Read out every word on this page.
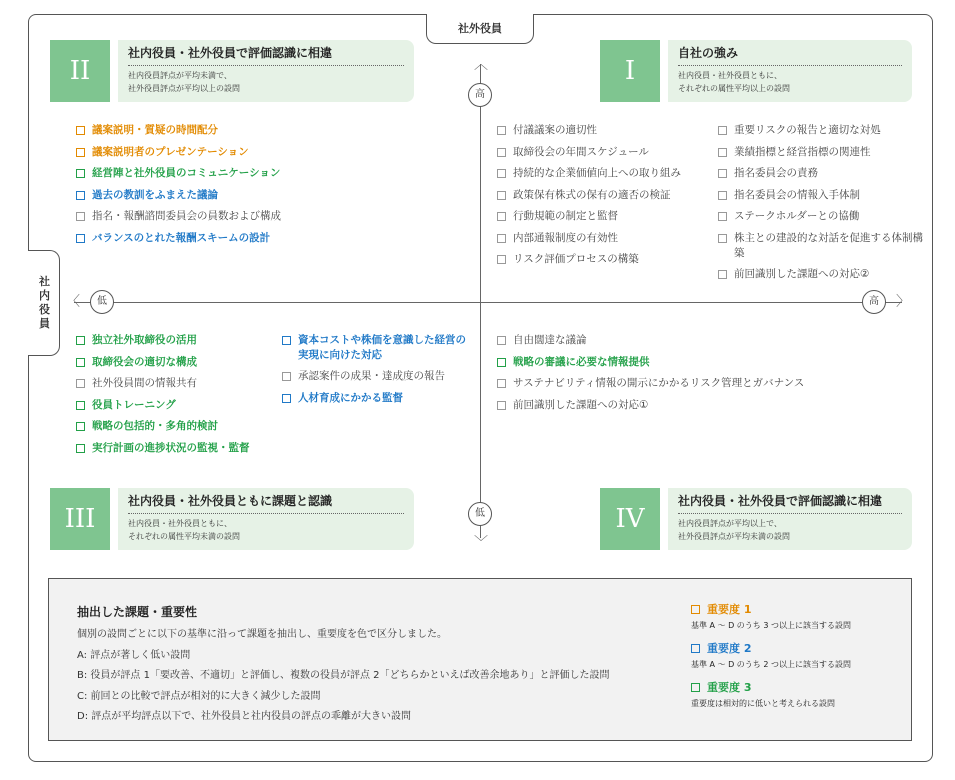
社外役員
社内役員
︿
﹀
〈	〉
高
低
低	高
II
社内役員・社外役員で評価認識に相違
社内役員評点が平均未満で、
社外役員評点が平均以上の設問
I
自社の強み
社内役員・社外役員ともに、
それぞれの属性平均以上の設問
III
社内役員・社外役員ともに課題と認識
社内役員・社外役員ともに、
それぞれの属性平均未満の設問
IV
社内役員・社外役員で評価認識に相違
社内役員評点が平均以上で、
社外役員評点が平均未満の設問
議案説明・質疑の時間配分
議案説明者のプレゼンテーション
経営陣と社外役員のコミュニケーション
過去の教訓をふまえた議論
指名・報酬諮問委員会の員数および構成
バランスのとれた報酬スキームの設計
付議議案の適切性
取締役会の年間スケジュール
持続的な企業価値向上への取り組み
政策保有株式の保有の適否の検証
行動規範の制定と監督
内部通報制度の有効性
リスク評価プロセスの構築
重要リスクの報告と適切な対処
業績指標と経営指標の関連性
指名委員会の責務
指名委員会の情報入手体制
ステークホルダーとの協働
株主との建設的な対話を促進する体制構築
前回識別した課題への対応②
独立社外取締役の活用
取締役会の適切な構成
社外役員間の情報共有
役員トレーニング
戦略の包括的・多角的検討
実行計画の進捗状況の監視・監督
資本コストや株価を意識した経営の実現に向けた対応
承認案件の成果・達成度の報告
人材育成にかかる監督
自由闊達な議論
戦略の審議に必要な情報提供
サステナビリティ情報の開示にかかるリスク管理とガバナンス
前回識別した課題への対応①
抽出した課題・重要性
個別の設問ごとに以下の基準に沿って課題を抽出し、重要度を色で区分しました。
A: 評点が著しく低い設問
B: 役員が評点 1「要改善、不適切」と評価し、複数の役員が評点 2「どちらかといえば改善余地あり」と評価した設問
C: 前回との比較で評点が相対的に大きく減少した設問
D: 評点が平均評点以下で、社外役員と社内役員の評点の乖離が大きい設問
重要度 1
基準 A ～ D のうち 3 つ以上に該当する設問
重要度 2
基準 A ～ D のうち 2 つ以上に該当する設問
重要度 3
重要度は相対的に低いと考えられる設問
